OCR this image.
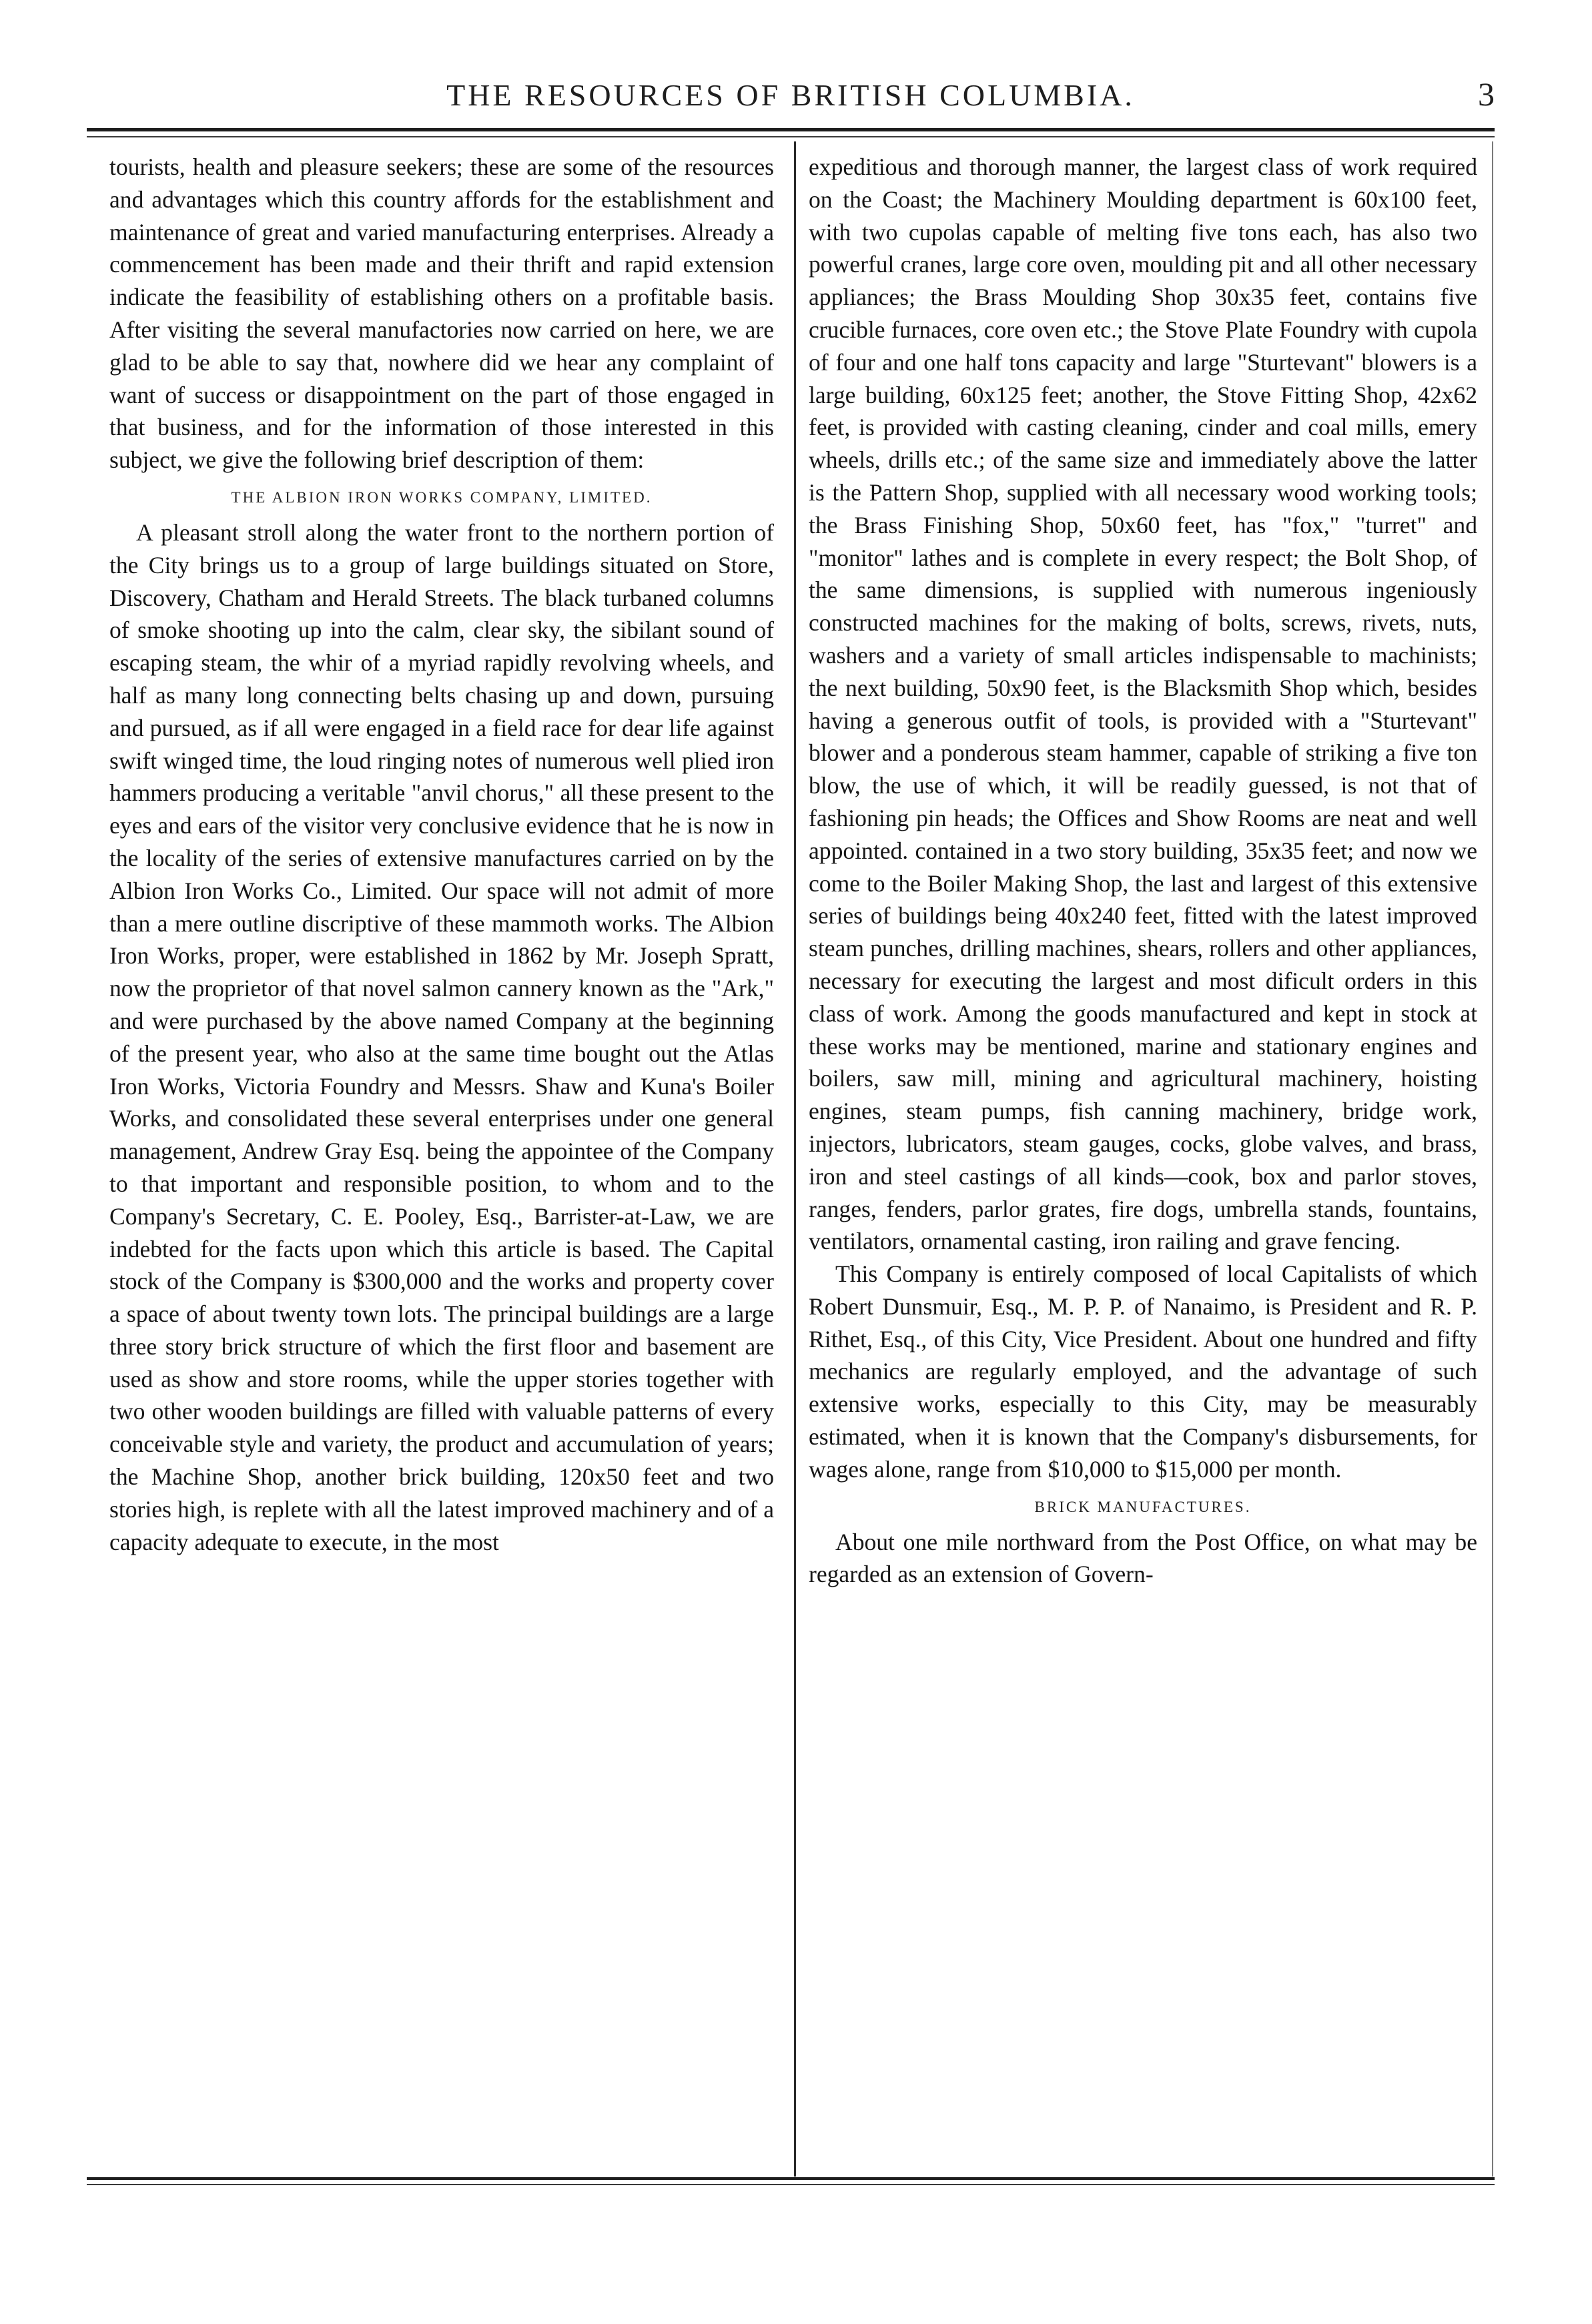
THE RESOURCES OF BRITISH COLUMBIA.	3

tourists, health and pleasure seekers; these are some of the resources and advantages which this country affords for the establishment and maintenance of great and varied manufacturing enterprises. Already a commencement has been made and their thrift and rapid extension indicate the feasibility of establishing others on a profitable basis. After visiting the several manufactories now carried on here, we are glad to be able to say that, nowhere did we hear any complaint of want of success or disappointment on the part of those engaged in that business, and for the information of those interested in this subject, we give the following brief description of them:

THE ALBION IRON WORKS COMPANY, LIMITED.

A pleasant stroll along the water front to the northern portion of the City brings us to a group of large buildings situated on Store, Discovery, Chatham and Herald Streets. The black turbaned columns of smoke shooting up into the calm, clear sky, the sibilant sound of escaping steam, the whir of a myriad rapidly revolving wheels, and half as many long connecting belts chasing up and down, pursuing and pursued, as if all were engaged in a field race for dear life against swift winged time, the loud ringing notes of numerous well plied iron hammers producing a veritable "anvil chorus," all these present to the eyes and ears of the visitor very conclusive evidence that he is now in the locality of the series of extensive manufactures carried on by the Albion Iron Works Co., Limited. Our space will not admit of more than a mere outline discriptive of these mammoth works. The Albion Iron Works, proper, were established in 1862 by Mr. Joseph Spratt, now the proprietor of that novel salmon cannery known as the "Ark," and were purchased by the above named Company at the beginning of the present year, who also at the same time bought out the Atlas Iron Works, Victoria Foundry and Messrs. Shaw and Kuna's Boiler Works, and consolidated these several enterprises under one general management, Andrew Gray Esq. being the appointee of the Company to that important and responsible position, to whom and to the Company's Secretary, C. E. Pooley, Esq., Barrister-at-Law, we are indebted for the facts upon which this article is based. The Capital stock of the Company is $300,000 and the works and property cover a space of about twenty town lots. The principal buildings are a large three story brick structure of which the first floor and basement are used as show and store rooms, while the upper stories together with two other wooden buildings are filled with valuable patterns of every conceivable style and variety, the product and accumulation of years; the Machine Shop, another brick building, 120x50 feet and two stories high, is replete with all the latest improved machinery and of a capacity adequate to execute, in the most

expeditious and thorough manner, the largest class of work required on the Coast; the Machinery Moulding department is 60x100 feet, with two cupolas capable of melting five tons each, has also two powerful cranes, large core oven, moulding pit and all other necessary appliances; the Brass Moulding Shop 30x35 feet, contains five crucible furnaces, core oven etc.; the Stove Plate Foundry with cupola of four and one half tons capacity and large "Sturtevant" blowers is a large building, 60x125 feet; another, the Stove Fitting Shop, 42x62 feet, is provided with casting cleaning, cinder and coal mills, emery wheels, drills etc.; of the same size and immediately above the latter is the Pattern Shop, supplied with all necessary wood working tools; the Brass Finishing Shop, 50x60 feet, has "fox," "turret" and "monitor" lathes and is complete in every respect; the Bolt Shop, of the same dimensions, is supplied with numerous ingeniously constructed machines for the making of bolts, screws, rivets, nuts, washers and a variety of small articles indispensable to machinists; the next building, 50x90 feet, is the Blacksmith Shop which, besides having a generous outfit of tools, is provided with a "Sturtevant" blower and a ponderous steam hammer, capable of striking a five ton blow, the use of which, it will be readily guessed, is not that of fashioning pin heads; the Offices and Show Rooms are neat and well appointed. contained in a two story building, 35x35 feet; and now we come to the Boiler Making Shop, the last and largest of this extensive series of buildings being 40x240 feet, fitted with the latest improved steam punches, drilling machines, shears, rollers and other appliances, necessary for executing the largest and most dificult orders in this class of work. Among the goods manufactured and kept in stock at these works may be mentioned, marine and stationary engines and boilers, saw mill, mining and agricultural machinery, hoisting engines, steam pumps, fish canning machinery, bridge work, injectors, lubricators, steam gauges, cocks, globe valves, and brass, iron and steel castings of all kinds—cook, box and parlor stoves, ranges, fenders, parlor grates, fire dogs, umbrella stands, fountains, ventilators, ornamental casting, iron railing and grave fencing.

This Company is entirely composed of local Capitalists of which Robert Dunsmuir, Esq., M. P. P. of Nanaimo, is President and R. P. Rithet, Esq., of this City, Vice President. About one hundred and fifty mechanics are regularly employed, and the advantage of such extensive works, especially to this City, may be measurably estimated, when it is known that the Company's disbursements, for wages alone, range from $10,000 to $15,000 per month.

BRICK MANUFACTURES.

About one mile northward from the Post Office, on what may be regarded as an extension of Govern-
